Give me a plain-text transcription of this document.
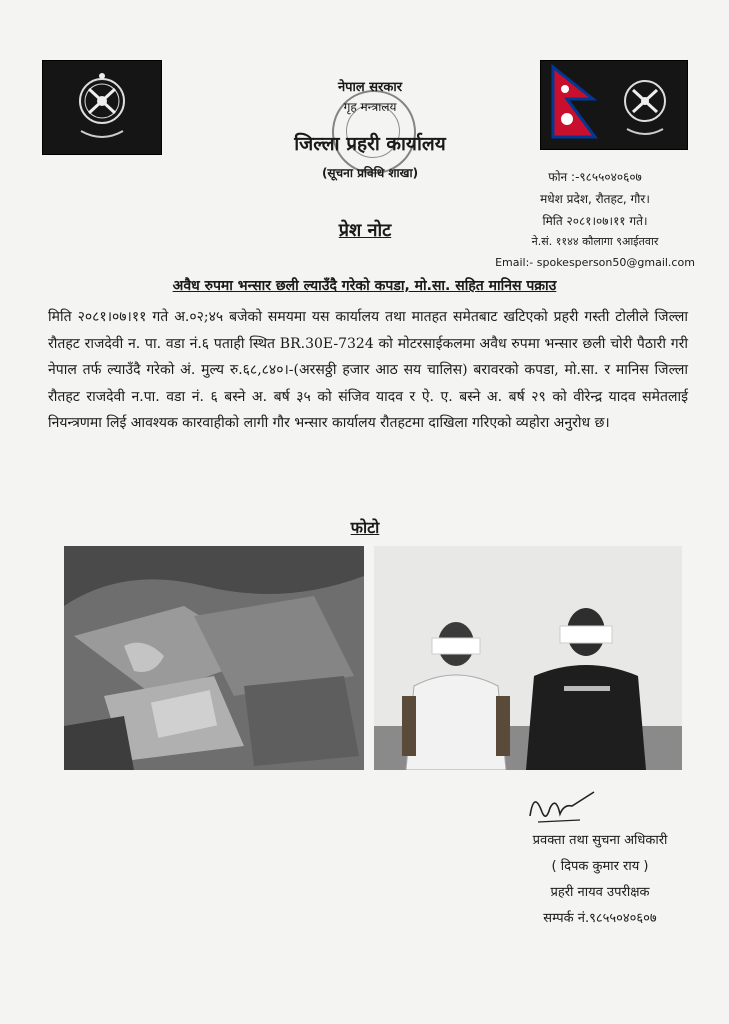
नेपाल सरकार
गृह मन्त्रालय
जिल्ला प्रहरी कार्यालय
(सूचना प्रविधि शाखा)	फोन :-९८५५०४०६०७
मधेश प्रदेश, रौतहट, गौर।
मिति २०८१।०७।११ गते।
ने.सं. ११४४ कौलागा ९आईतवार
Email:- spokesperson50@gmail.com
प्रेश नोट
अवैध रुपमा भन्सार छली ल्याउँदै गरेको कपडा, मो.सा. सहित मानिस पक्राउ
मिति २०८१।०७।११ गते अ.०२;४५ बजेको समयमा यस कार्यालय तथा मातहत समेतबाट खटिएको प्रहरी गस्ती टोलीले जिल्ला रौतहट राजदेवी न. पा. वडा नं.६ पताही स्थित BR.30E-7324 को मोटरसाईकलमा अवैध रुपमा भन्सार छली चोरी पैठारी गरी नेपाल तर्फ ल्याउँदै गरेको अं. मुल्य रु.६८,८४०।-(अरसठ्ठी हजार आठ सय चालिस) बरावरको कपडा, मो.सा. र मानिस जिल्ला रौतहट राजदेवी न.पा. वडा नं. ६ बस्ने अ. बर्ष ३५ को संजिव यादव र ऐ. ए. बस्ने अ. बर्ष २९ को वीरेन्द्र यादव समेतलाई नियन्त्रणमा लिई आवश्यक कारवाहीको लागी गौर भन्सार कार्यालय रौतहटमा दाखिला गरिएको व्यहोरा अनुरोध छ।
फोटो
प्रवक्ता तथा सुचना अधिकारी
( दिपक कुमार राय )
प्रहरी नायव उपरीक्षक
सम्पर्क नं.९८५५०४०६०७
